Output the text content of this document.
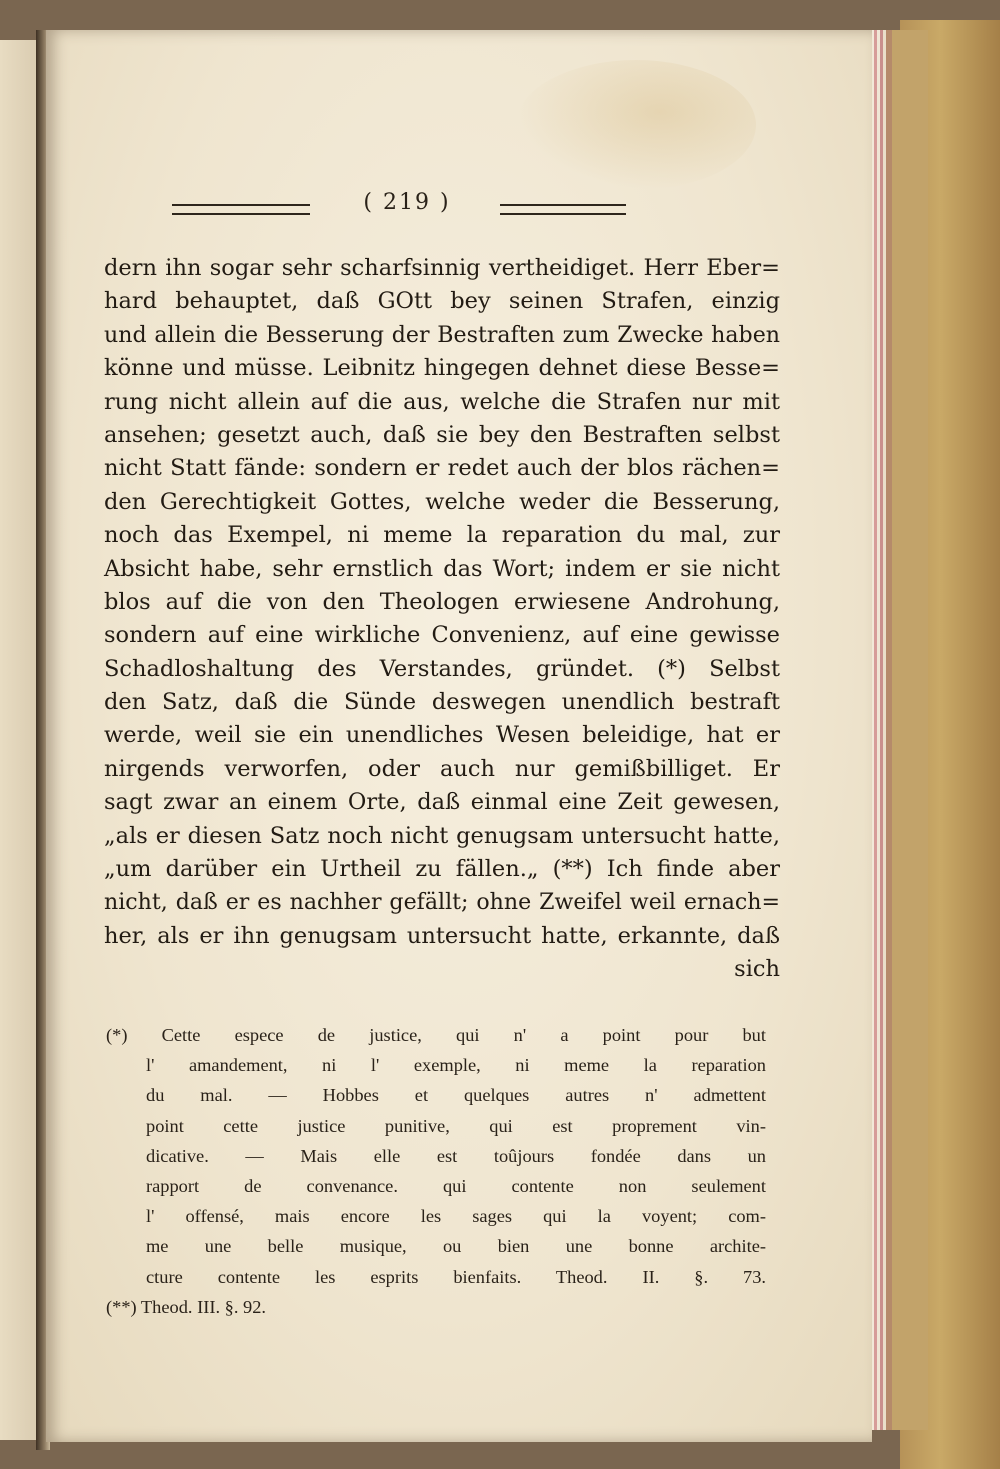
( 219 )
dern ihn sogar sehr scharfsinnig vertheidiget. Herr Eber=
hard behauptet, daß GOtt bey seinen Strafen, einzig
und allein die Besserung der Bestraften zum Zwecke haben
könne und müsse. Leibnitz hingegen dehnet diese Besse=
rung nicht allein auf die aus, welche die Strafen nur mit
ansehen; gesetzt auch, daß sie bey den Bestraften selbst
nicht Statt fände: sondern er redet auch der blos rächen=
den Gerechtigkeit Gottes, welche weder die Besserung,
noch das Exempel, ni meme la reparation du mal, zur
Absicht habe, sehr ernstlich das Wort; indem er sie nicht
blos auf die von den Theologen erwiesene Androhung,
sondern auf eine wirkliche Convenienz, auf eine gewisse
Schadloshaltung des Verstandes, gründet. (*) Selbst
den Satz, daß die Sünde deswegen unendlich bestraft
werde, weil sie ein unendliches Wesen beleidige, hat er
nirgends verworfen, oder auch nur gemißbilliget. Er
sagt zwar an einem Orte, daß einmal eine Zeit gewesen,
„als er diesen Satz noch nicht genugsam untersucht hatte,
„um darüber ein Urtheil zu fällen.„ (**) Ich finde aber
nicht, daß er es nachher gefällt; ohne Zweifel weil ernach=
her, als er ihn genugsam untersucht hatte, erkannte, daß
sich
(*) Cette espece de justice, qui n' a point pour but
l' amandement, ni l' exemple, ni meme la reparation
du mal. — Hobbes et quelques autres n' admettent
point cette justice punitive, qui est proprement vin-
dicative. — Mais elle est toûjours fondée dans un
rapport de convenance. qui contente non seulement
l' offensé, mais encore les sages qui la voyent; com-
me une belle musique, ou bien une bonne archite-
cture contente les esprits bienfaits. Theod. II. §. 73.
(**) Theod. III. §. 92.
